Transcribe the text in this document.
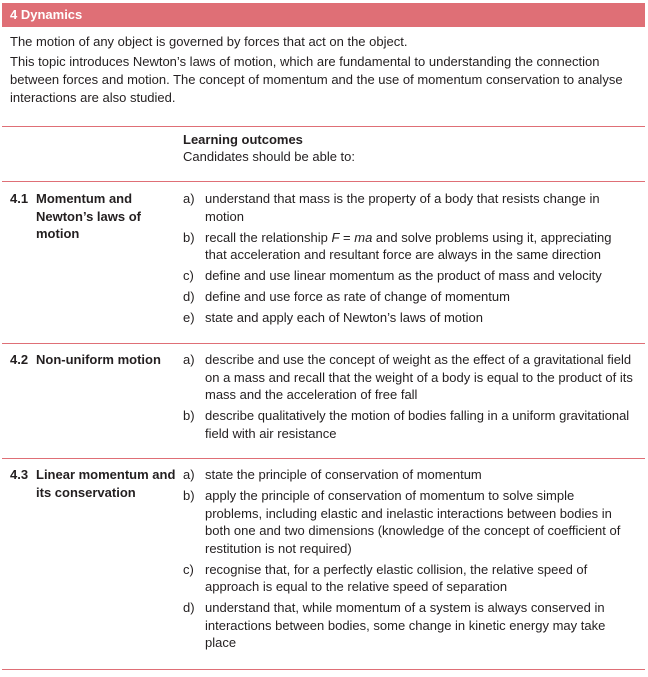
4 Dynamics

The motion of any object is governed by forces that act on the object.

This topic introduces Newton’s laws of motion, which are fundamental to understanding the connection between forces and motion. The concept of momentum and the use of momentum conservation to analyse interactions are also studied.

Learning outcomes
Candidates should be able to:
4.1 Momentum and Newton’s laws of motion
a) understand that mass is the property of a body that resists change in motion
b) recall the relationship F = ma and solve problems using it, appreciating that acceleration and resultant force are always in the same direction
c) define and use linear momentum as the product of mass and velocity
d) define and use force as rate of change of momentum
e) state and apply each of Newton’s laws of motion
4.2 Non-uniform motion	a) describe and use the concept of weight as the effect of a gravitational field on a mass and recall that the weight of a body is equal to the product of its mass and the acceleration of free fall
b) describe qualitatively the motion of bodies falling in a uniform gravitational field with air resistance
4.3 Linear momentum and its conservation
a) state the principle of conservation of momentum
b) apply the principle of conservation of momentum to solve simple problems, including elastic and inelastic interactions between bodies in both one and two dimensions (knowledge of the concept of coefficient of restitution is not required)
c) recognise that, for a perfectly elastic collision, the relative speed of approach is equal to the relative speed of separation
d) understand that, while momentum of a system is always conserved in interactions between bodies, some change in kinetic energy may take place
